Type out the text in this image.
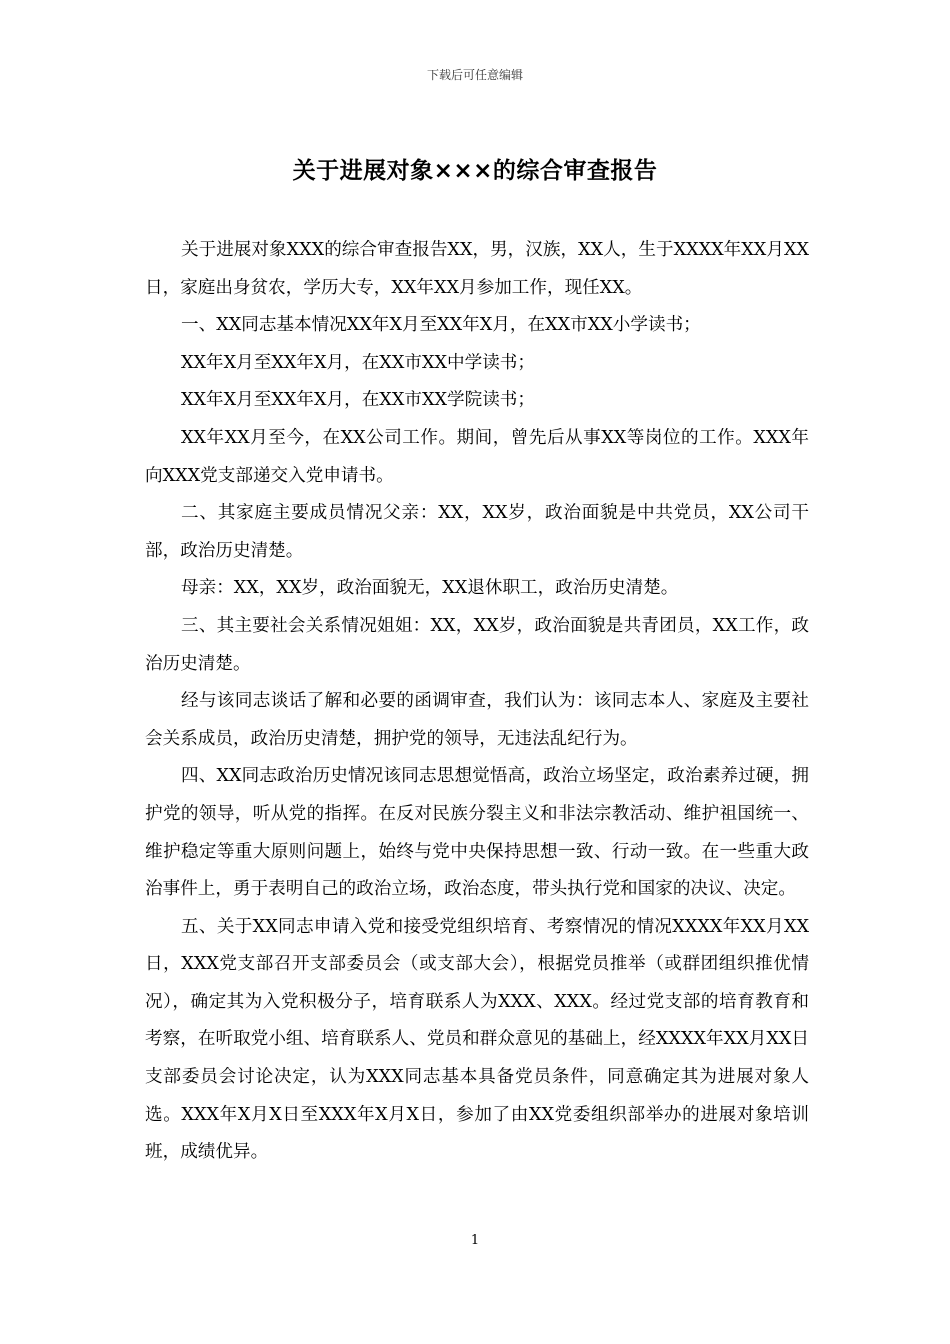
下载后可任意编辑
关于进展对象×××的综合审查报告

关于进展对象XXX的综合审查报告XX，男，汉族，XX人，生于XXXX年XX月XX日，家庭出身贫农，学历大专，XX年XX月参加工作，现任XX。

一、XX同志基本情况XX年X月至XX年X月，在XX市XX小学读书；

XX年X月至XX年X月，在XX市XX中学读书；

XX年X月至XX年X月，在XX市XX学院读书；

XX年XX月至今，在XX公司工作。期间，曾先后从事XX等岗位的工作。XXX年向XXX党支部递交入党申请书。

二、其家庭主要成员情况父亲：XX，XX岁，政治面貌是中共党员，XX公司干部，政治历史清楚。

母亲：XX，XX岁，政治面貌无，XX退休职工，政治历史清楚。

三、其主要社会关系情况姐姐：XX，XX岁，政治面貌是共青团员，XX工作，政治历史清楚。

经与该同志谈话了解和必要的函调审查，我们认为：该同志本人、家庭及主要社会关系成员，政治历史清楚，拥护党的领导，无违法乱纪行为。

四、XX同志政治历史情况该同志思想觉悟高，政治立场坚定，政治素养过硬，拥护党的领导，听从党的指挥。在反对民族分裂主义和非法宗教活动、维护祖国统一、维护稳定等重大原则问题上，始终与党中央保持思想一致、行动一致。在一些重大政治事件上，勇于表明自己的政治立场，政治态度，带头执行党和国家的决议、决定。

五、关于XX同志申请入党和接受党组织培育、考察情况的情况XXXX年XX月XX日，XXX党支部召开支部委员会（或支部大会），根据党员推举（或群团组织推优情况），确定其为入党积极分子，培育联系人为XXX、XXX。经过党支部的培育教育和考察，在听取党小组、培育联系人、党员和群众意见的基础上，经XXXX年XX月XX日支部委员会讨论决定，认为XXX同志基本具备党员条件，同意确定其为进展对象人选。XXX年X月X日至XXX年X月X日，参加了由XX党委组织部举办的进展对象培训班，成绩优异。

1
